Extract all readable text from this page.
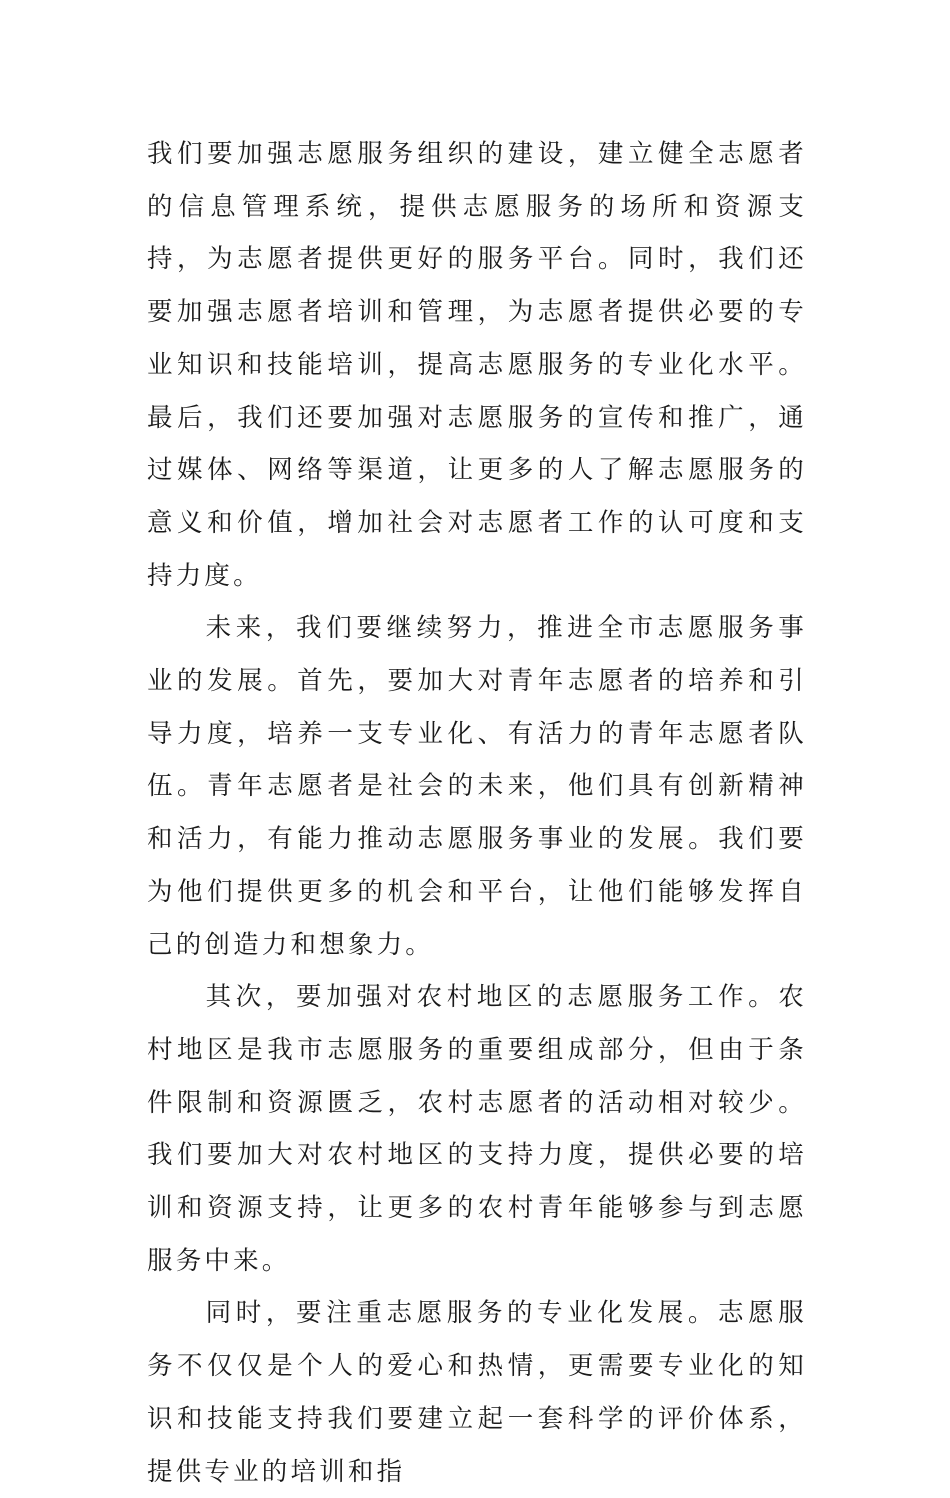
我们要加强志愿服务组织的建设，建立健全志愿者的信息管理系统，提供志愿服务的场所和资源支持，为志愿者提供更好的服务平台。同时，我们还要加强志愿者培训和管理，为志愿者提供必要的专业知识和技能培训，提高志愿服务的专业化水平。最后，我们还要加强对志愿服务的宣传和推广，通过媒体、网络等渠道，让更多的人了解志愿服务的意义和价值，增加社会对志愿者工作的认可度和支持力度。

未来，我们要继续努力，推进全市志愿服务事业的发展。首先，要加大对青年志愿者的培养和引导力度，培养一支专业化、有活力的青年志愿者队伍。青年志愿者是社会的未来，他们具有创新精神和活力，有能力推动志愿服务事业的发展。我们要为他们提供更多的机会和平台，让他们能够发挥自己的创造力和想象力。

其次，要加强对农村地区的志愿服务工作。农村地区是我市志愿服务的重要组成部分，但由于条件限制和资源匮乏，农村志愿者的活动相对较少。我们要加大对农村地区的支持力度，提供必要的培训和资源支持，让更多的农村青年能够参与到志愿服务中来。

同时，要注重志愿服务的专业化发展。志愿服务不仅仅是个人的爱心和热情，更需要专业化的知识和技能支持我们要建立起一套科学的评价体系，提供专业的培训和指
